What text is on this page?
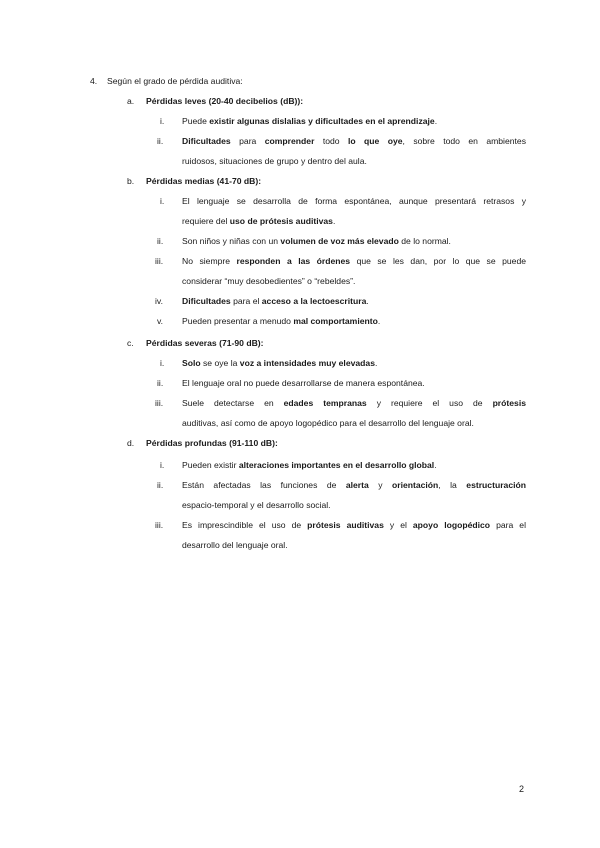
4. Según el grado de pérdida auditiva:
a. Pérdidas leves (20-40 decibelios (dB)):
i. Puede existir algunas dislalias y dificultades en el aprendizaje.
ii. Dificultades para comprender todo lo que oye, sobre todo en ambientes
ruidosos, situaciones de grupo y dentro del aula.
b. Pérdidas medias (41-70 dB):
i. El lenguaje se desarrolla de forma espontánea, aunque presentará retrasos y
requiere del uso de prótesis auditivas.
ii. Son niños y niñas con un volumen de voz más elevado de lo normal.
iii. No siempre responden a las órdenes que se les dan, por lo que se puede
considerar “muy desobedientes” o “rebeldes”.
iv. Dificultades para el acceso a la lectoescritura.
v. Pueden presentar a menudo mal comportamiento.
c. Pérdidas severas (71-90 dB):
i. Solo se oye la voz a intensidades muy elevadas.
ii. El lenguaje oral no puede desarrollarse de manera espontánea.
iii. Suele detectarse en edades tempranas y requiere el uso de prótesis
auditivas, así como de apoyo logopédico para el desarrollo del lenguaje oral.
d. Pérdidas profundas (91-110 dB):
i. Pueden existir alteraciones importantes en el desarrollo global.
ii. Están afectadas las funciones de alerta y orientación, la estructuración
espacio-temporal y el desarrollo social.
iii. Es imprescindible el uso de prótesis auditivas y el apoyo logopédico para el
desarrollo del lenguaje oral.
2
